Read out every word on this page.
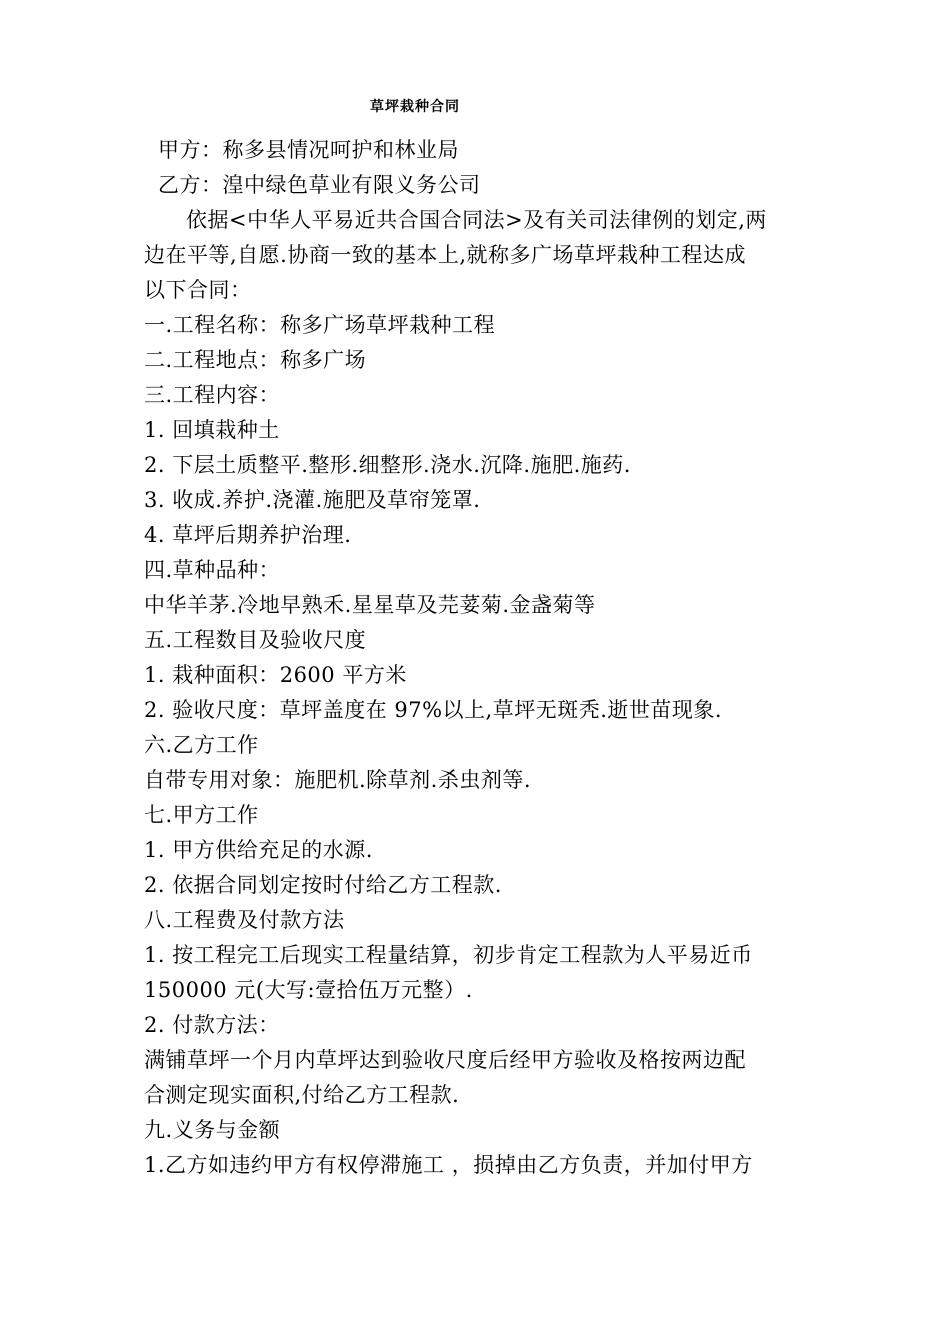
草坪栽种合同
甲方：称多县情况呵护和林业局
乙方：湟中绿色草业有限义务公司
依据<中华人平易近共合国合同法>及有关司法律例的划定,两
边在平等,自愿.协商一致的基本上,就称多广场草坪栽种工程达成
以下合同：
一.工程名称：称多广场草坪栽种工程
二.工程地点：称多广场
三.工程内容：
1. 回填栽种土
2. 下层土质整平.整形.细整形.浇水.沉降.施肥.施药.
3. 收成.养护.浇灌.施肥及草帘笼罩.
4. 草坪后期养护治理.
四.草种品种：
中华羊茅.冷地早熟禾.星星草及芫荽菊.金盏菊等
五.工程数目及验收尺度
1. 栽种面积：2600 平方米
2. 验收尺度：草坪盖度在 97%以上,草坪无斑秃.逝世苗现象.
六.乙方工作
自带专用对象：施肥机.除草剂.杀虫剂等.
七.甲方工作
1. 甲方供给充足的水源.
2. 依据合同划定按时付给乙方工程款.
八.工程费及付款方法
1. 按工程完工后现实工程量结算，初步肯定工程款为人平易近币
150000 元(大写:壹拾伍万元整）.
2. 付款方法：
满铺草坪一个月内草坪达到验收尺度后经甲方验收及格按两边配
合测定现实面积,付给乙方工程款.
九.义务与金额
1.乙方如违约甲方有权停滞施工 ，损掉由乙方负责，并加付甲方
